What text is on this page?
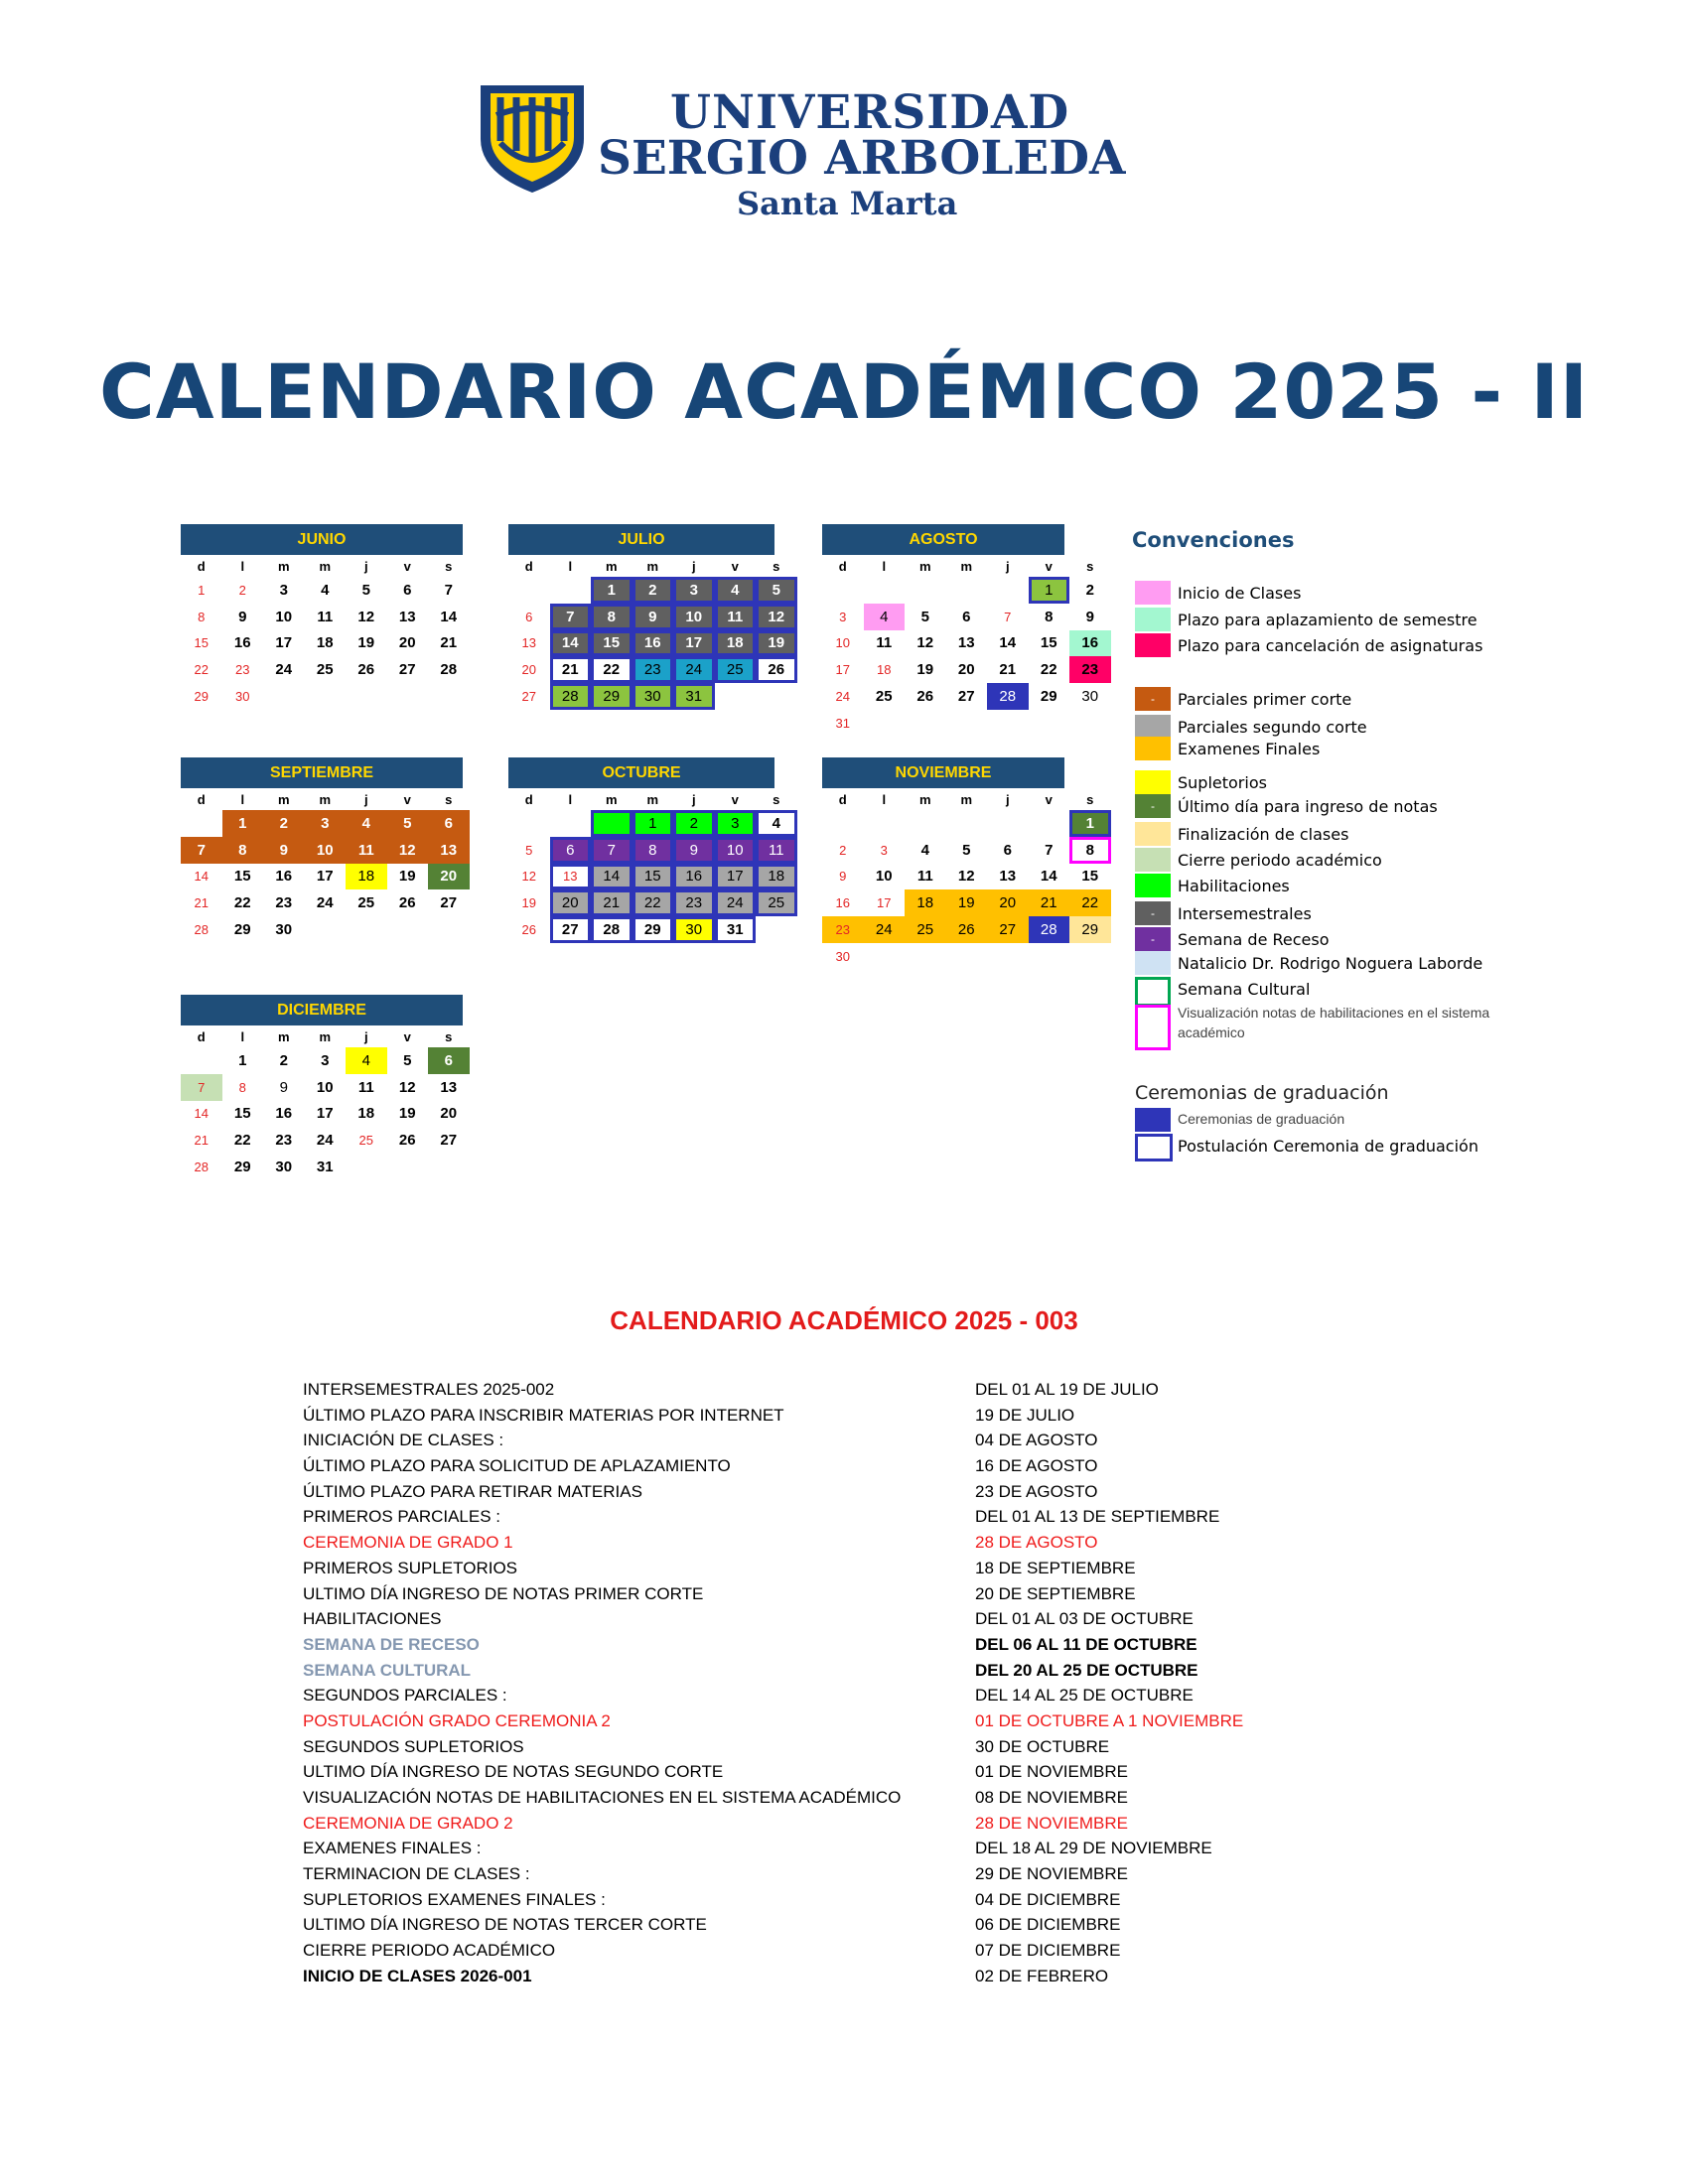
UNIVERSIDAD
SERGIO ARBOLEDA
Santa Marta
CALENDARIO ACADÉMICO 2025 - II
JUNIO
d	l	m	m	j	v	s
1	2	3	4	5	6	7
8	9	10	11	12	13	14
15	16	17	18	19	20	21
22	23	24	25	26	27	28
29	30					
JULIO
d	l	m	m	j	v	s
		1	2	3	4	5
6	7	8	9	10	11	12
13	14	15	16	17	18	19
20	21	22	23	24	25	26
27	28	29	30	31		
AGOSTO
d	l	m	m	j	v	s
					1	2
3	4	5	6	7	8	9
10	11	12	13	14	15	16
17	18	19	20	21	22	23
24	25	26	27	28	29	30
31						
SEPTIEMBRE
d	l	m	m	j	v	s
	1	2	3	4	5	6
7	8	9	10	11	12	13
14	15	16	17	18	19	20
21	22	23	24	25	26	27
28	29	30				
OCTUBRE
d	l	m	m	j	v	s
			1	2	3	4
5	6	7	8	9	10	11
12	13	14	15	16	17	18
19	20	21	22	23	24	25
26	27	28	29	30	31	
NOVIEMBRE
d	l	m	m	j	v	s
						1
2	3	4	5	6	7	8
9	10	11	12	13	14	15
16	17	18	19	20	21	22
23	24	25	26	27	28	29
30						
DICIEMBRE
d	l	m	m	j	v	s
	1	2	3	4	5	6
7	8	9	10	11	12	13
14	15	16	17	18	19	20
21	22	23	24	25	26	27
28	29	30	31			
Convenciones
Inicio de Clases
Plazo para aplazamiento de semestre
Plazo para cancelación de asignaturas
-	Parciales primer corte
Parciales segundo corte
Examenes Finales
Supletorios
-	Último día para ingreso de notas
Finalización de clases
Cierre periodo académico
Habilitaciones
-	Intersemestrales
-	Semana de Receso
Natalicio Dr. Rodrigo Noguera Laborde
Semana Cultural
Visualización notas de habilitaciones en el sistema académico
Ceremonias de graduación
Ceremonias de graduación
Postulación Ceremonia de graduación
CALENDARIO ACADÉMICO 2025 - 003
INTERSEMESTRALES 2025-002	DEL 01 AL 19 DE JULIO
ÚLTIMO PLAZO PARA INSCRIBIR MATERIAS POR INTERNET	19 DE JULIO
INICIACIÓN DE CLASES :	04 DE AGOSTO
ÚLTIMO PLAZO PARA SOLICITUD DE APLAZAMIENTO	16 DE AGOSTO
ÚLTIMO PLAZO PARA RETIRAR MATERIAS	23 DE AGOSTO
PRIMEROS PARCIALES :	DEL 01 AL 13 DE SEPTIEMBRE
CEREMONIA DE GRADO 1	28 DE AGOSTO
PRIMEROS SUPLETORIOS	18 DE SEPTIEMBRE
ULTIMO DÍA INGRESO DE NOTAS PRIMER CORTE	20 DE SEPTIEMBRE
HABILITACIONES	DEL 01 AL 03 DE OCTUBRE
SEMANA DE RECESO	DEL 06 AL 11 DE OCTUBRE
SEMANA CULTURAL	DEL 20 AL 25 DE OCTUBRE
SEGUNDOS PARCIALES :	DEL 14 AL 25 DE OCTUBRE
POSTULACIÓN GRADO CEREMONIA 2	01 DE OCTUBRE A 1 NOVIEMBRE
SEGUNDOS SUPLETORIOS	30 DE OCTUBRE
ULTIMO DÍA INGRESO DE NOTAS SEGUNDO CORTE	01 DE NOVIEMBRE
VISUALIZACIÓN NOTAS DE HABILITACIONES EN EL SISTEMA ACADÉMICO	08 DE NOVIEMBRE
CEREMONIA DE GRADO 2	28 DE NOVIEMBRE
EXAMENES FINALES :	DEL 18 AL 29 DE NOVIEMBRE
TERMINACION DE CLASES :	29 DE NOVIEMBRE
SUPLETORIOS EXAMENES FINALES :	04 DE DICIEMBRE
ULTIMO DÍA INGRESO DE NOTAS TERCER CORTE	06 DE DICIEMBRE
CIERRE PERIODO ACADÉMICO	07 DE DICIEMBRE
INICIO DE CLASES 2026-001	02 DE FEBRERO
